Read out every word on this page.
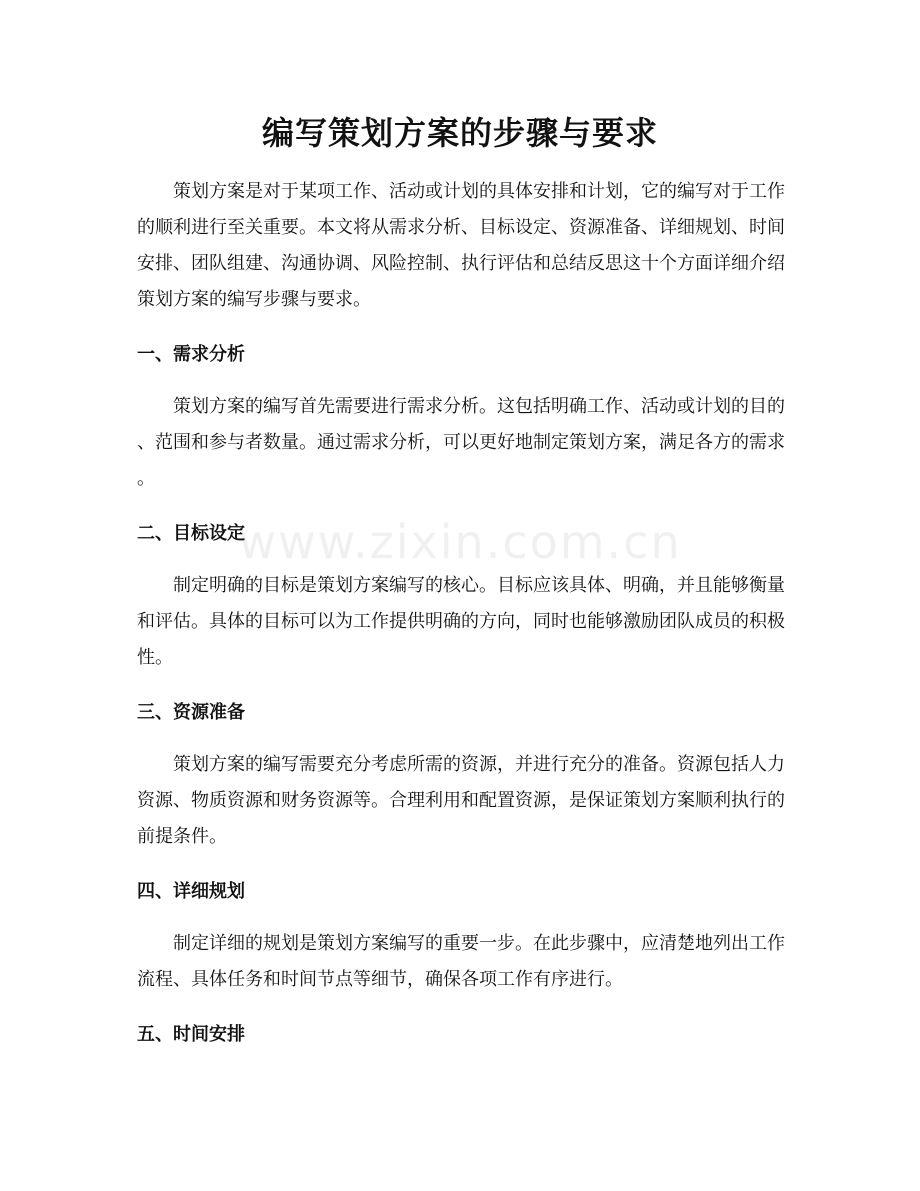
www.zixin.com.cn
编写策划方案的步骤与要求
策划方案是对于某项工作、活动或计划的具体安排和计划，它的编写对于工作
的顺利进行至关重要。本文将从需求分析、目标设定、资源准备、详细规划、时间
安排、团队组建、沟通协调、风险控制、执行评估和总结反思这十个方面详细介绍
策划方案的编写步骤与要求。
一、需求分析
策划方案的编写首先需要进行需求分析。这包括明确工作、活动或计划的目的
、范围和参与者数量。通过需求分析，可以更好地制定策划方案，满足各方的需求
。
二、目标设定
制定明确的目标是策划方案编写的核心。目标应该具体、明确，并且能够衡量
和评估。具体的目标可以为工作提供明确的方向，同时也能够激励团队成员的积极
性。
三、资源准备
策划方案的编写需要充分考虑所需的资源，并进行充分的准备。资源包括人力
资源、物质资源和财务资源等。合理利用和配置资源，是保证策划方案顺利执行的
前提条件。
四、详细规划
制定详细的规划是策划方案编写的重要一步。在此步骤中，应清楚地列出工作
流程、具体任务和时间节点等细节，确保各项工作有序进行。
五、时间安排
